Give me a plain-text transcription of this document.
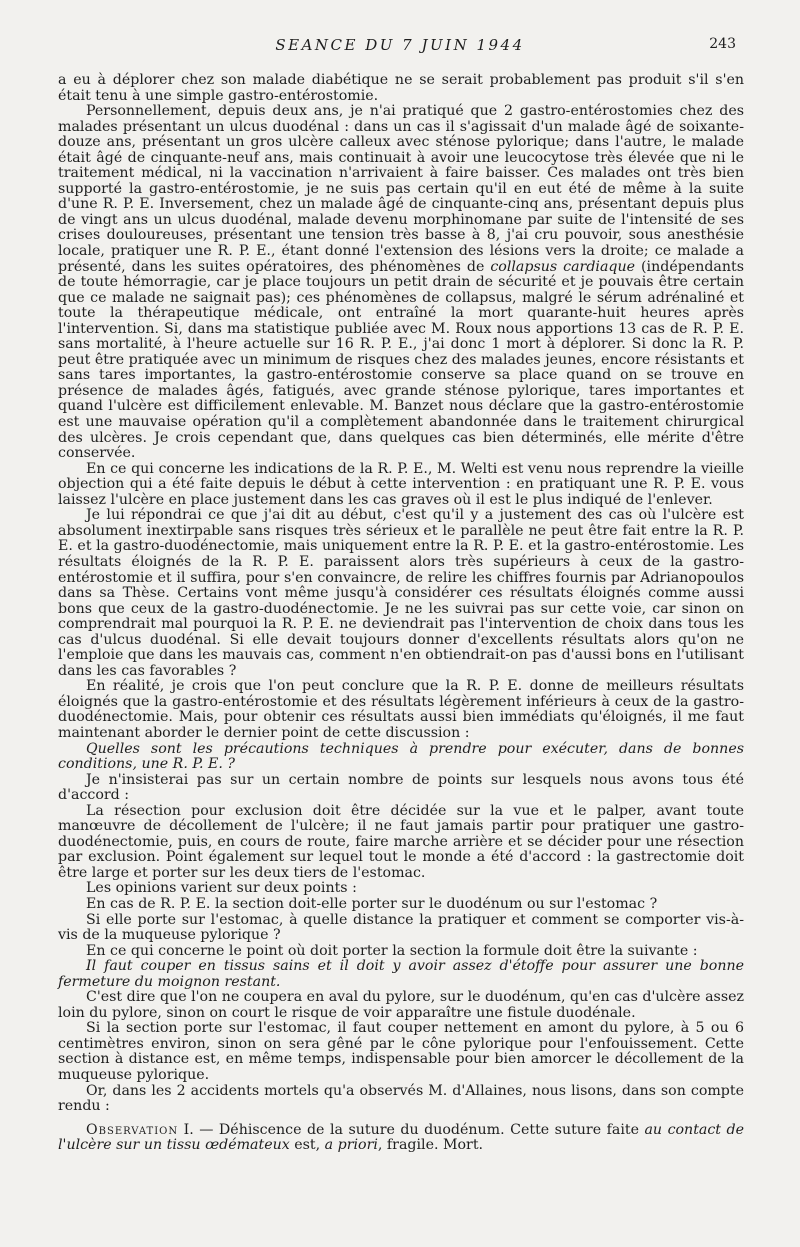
SEANCE DU 7 JUIN 1944	243

a eu à déplorer chez son malade diabétique ne se serait probablement pas produit s'il s'en était tenu à une simple gastro-entérostomie.

Personnellement, depuis deux ans, je n'ai pratiqué que 2 gastro-entérostomies chez des malades présentant un ulcus duodénal : dans un cas il s'agissait d'un malade âgé de soixante-douze ans, présentant un gros ulcère calleux avec sténose pylorique; dans l'autre, le malade était âgé de cinquante-neuf ans, mais continuait à avoir une leucocytose très élevée que ni le traitement médical, ni la vaccination n'arrivaient à faire baisser. Ces malades ont très bien supporté la gastro-entérostomie, je ne suis pas certain qu'il en eut été de même à la suite d'une R. P. E. Inversement, chez un malade âgé de cinquante-cinq ans, présentant depuis plus de vingt ans un ulcus duodénal, malade devenu morphinomane par suite de l'intensité de ses crises douloureuses, présentant une tension très basse à 8, j'ai cru pouvoir, sous anesthésie locale, pratiquer une R. P. E., étant donné l'extension des lésions vers la droite; ce malade a présenté, dans les suites opératoires, des phénomènes de collapsus cardiaque (indépendants de toute hémorragie, car je place toujours un petit drain de sécurité et je pouvais être certain que ce malade ne saignait pas); ces phénomènes de collapsus, malgré le sérum adrénaliné et toute la thérapeutique médicale, ont entraîné la mort quarante-huit heures après l'intervention. Si, dans ma statistique publiée avec M. Roux nous apportions 13 cas de R. P. E. sans mortalité, à l'heure actuelle sur 16 R. P. E., j'ai donc 1 mort à déplorer. Si donc la R. P. peut être pratiquée avec un minimum de risques chez des malades jeunes, encore résistants et sans tares importantes, la gastro-entérostomie conserve sa place quand on se trouve en présence de malades âgés, fatigués, avec grande sténose pylorique, tares importantes et quand l'ulcère est difficilement enlevable. M. Banzet nous déclare que la gastro-entérostomie est une mauvaise opération qu'il a complètement abandonnée dans le traitement chirurgical des ulcères. Je crois cependant que, dans quelques cas bien déterminés, elle mérite d'être conservée.

En ce qui concerne les indications de la R. P. E., M. Welti est venu nous reprendre la vieille objection qui a été faite depuis le début à cette intervention : en pratiquant une R. P. E. vous laissez l'ulcère en place justement dans les cas graves où il est le plus indiqué de l'enlever.

Je lui répondrai ce que j'ai dit au début, c'est qu'il y a justement des cas où l'ulcère est absolument inextirpable sans risques très sérieux et le parallèle ne peut être fait entre la R. P. E. et la gastro-duodénectomie, mais uniquement entre la R. P. E. et la gastro-entérostomie. Les résultats éloignés de la R. P. E. paraissent alors très supérieurs à ceux de la gastro-entérostomie et il suffira, pour s'en convaincre, de relire les chiffres fournis par Adrianopoulos dans sa Thèse. Certains vont même jusqu'à considérer ces résultats éloignés comme aussi bons que ceux de la gastro-duodénectomie. Je ne les suivrai pas sur cette voie, car sinon on comprendrait mal pourquoi la R. P. E. ne deviendrait pas l'intervention de choix dans tous les cas d'ulcus duodénal. Si elle devait toujours donner d'excellents résultats alors qu'on ne l'emploie que dans les mauvais cas, comment n'en obtiendrait-on pas d'aussi bons en l'utilisant dans les cas favorables ?

En réalité, je crois que l'on peut conclure que la R. P. E. donne de meilleurs résultats éloignés que la gastro-entérostomie et des résultats légèrement inférieurs à ceux de la gastro-duodénectomie. Mais, pour obtenir ces résultats aussi bien immédiats qu'éloignés, il me faut maintenant aborder le dernier point de cette discussion :

Quelles sont les précautions techniques à prendre pour exécuter, dans de bonnes conditions, une R. P. E. ?

Je n'insisterai pas sur un certain nombre de points sur lesquels nous avons tous été d'accord :

La résection pour exclusion doit être décidée sur la vue et le palper, avant toute manœuvre de décollement de l'ulcère; il ne faut jamais partir pour pratiquer une gastro-duodénectomie, puis, en cours de route, faire marche arrière et se décider pour une résection par exclusion. Point également sur lequel tout le monde a été d'accord : la gastrectomie doit être large et porter sur les deux tiers de l'estomac.

Les opinions varient sur deux points :

En cas de R. P. E. la section doit-elle porter sur le duodénum ou sur l'estomac ?

Si elle porte sur l'estomac, à quelle distance la pratiquer et comment se comporter vis-à-vis de la muqueuse pylorique ?

En ce qui concerne le point où doit porter la section la formule doit être la suivante :

Il faut couper en tissus sains et il doit y avoir assez d'étoffe pour assurer une bonne fermeture du moignon restant.

C'est dire que l'on ne coupera en aval du pylore, sur le duodénum, qu'en cas d'ulcère assez loin du pylore, sinon on court le risque de voir apparaître une fistule duodénale.

Si la section porte sur l'estomac, il faut couper nettement en amont du pylore, à 5 ou 6 centimètres environ, sinon on sera gêné par le cône pylorique pour l'enfouissement. Cette section à distance est, en même temps, indispensable pour bien amorcer le décollement de la muqueuse pylorique.

Or, dans les 2 accidents mortels qu'a observés M. d'Allaines, nous lisons, dans son compte rendu :

Observation I. — Déhiscence de la suture du duodénum. Cette suture faite au contact de l'ulcère sur un tissu œdémateux est, a priori, fragile. Mort.
